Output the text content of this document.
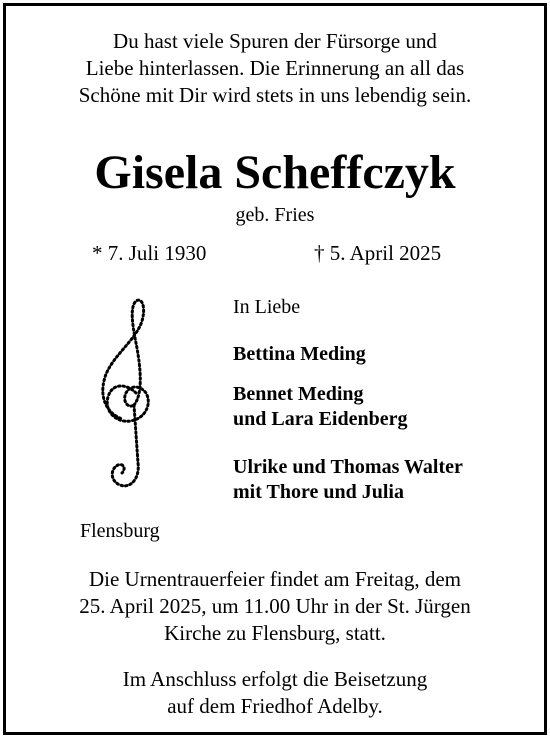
Du hast viele Spuren der Fürsorge und
Liebe hinterlassen. Die Erinnerung an all das
Schöne mit Dir wird stets in uns lebendig sein.
Gisela Scheffczyk
geb. Fries
* 7. Juli 1930	† 5. April 2025
Flensburg
In Liebe
Bettina Meding
Bennet Meding
und Lara Eidenberg
Ulrike und Thomas Walter
mit Thore und Julia
Die Urnentrauerfeier findet am Freitag, dem
25. April 2025, um 11.00 Uhr in der St. Jürgen
Kirche zu Flensburg, statt.
Im Anschluss erfolgt die Beisetzung
auf dem Friedhof Adelby.
